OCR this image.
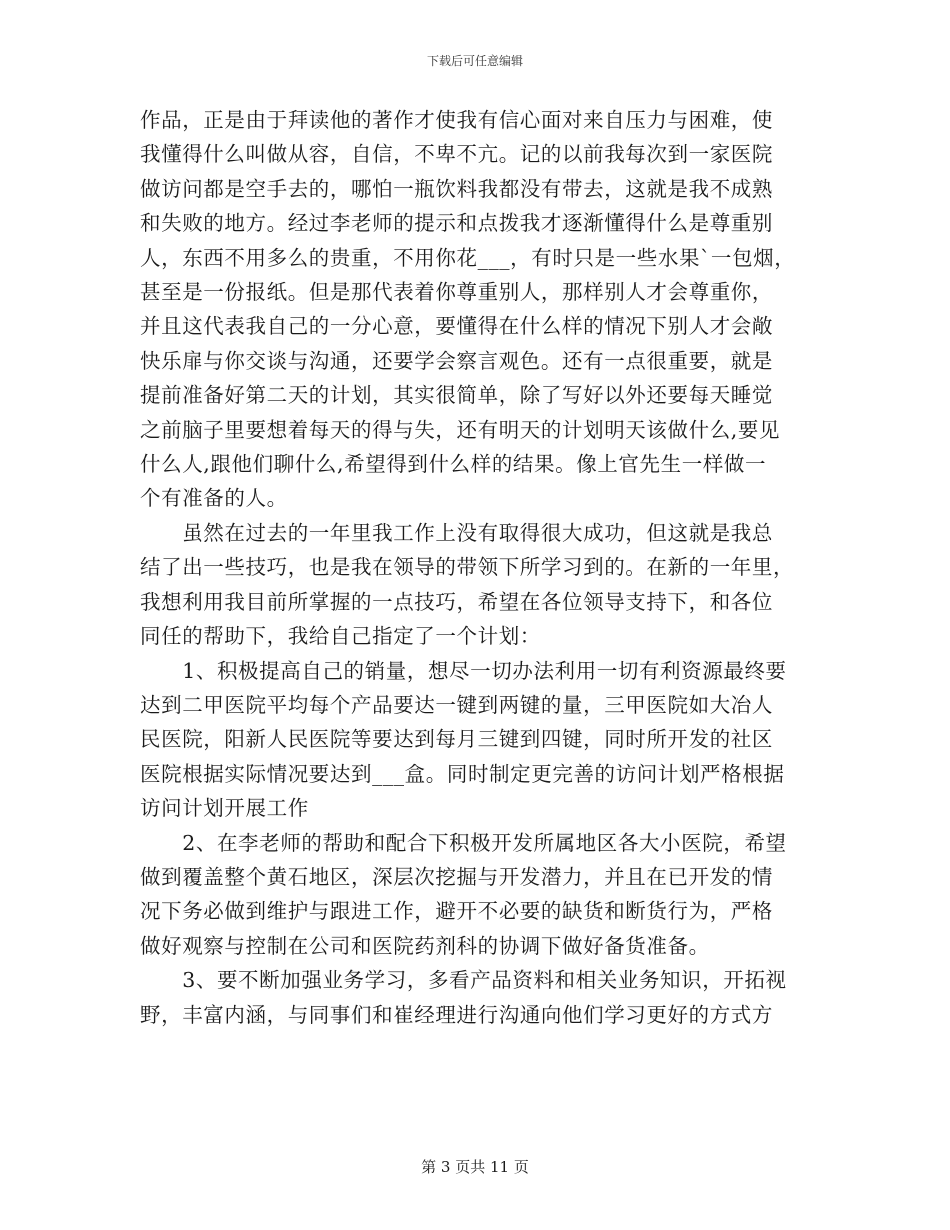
下载后可任意编辑

作品，正是由于拜读他的著作才使我有信心面对来自压力与困难，使
我懂得什么叫做从容，自信，不卑不亢。记的以前我每次到一家医院
做访问都是空手去的，哪怕一瓶饮料我都没有带去，这就是我不成熟
和失败的地方。经过李老师的提示和点拨我才逐渐懂得什么是尊重别
人，东西不用多么的贵重，不用你花___，有时只是一些水果`一包烟，
甚至是一份报纸。但是那代表着你尊重别人，那样别人才会尊重你，
并且这代表我自己的一分心意，要懂得在什么样的情况下别人才会敞
快乐扉与你交谈与沟通，还要学会察言观色。还有一点很重要，就是
提前准备好第二天的计划，其实很简单，除了写好以外还要每天睡觉
之前脑子里要想着每天的得与失，还有明天的计划明天该做什么,要见
什么人,跟他们聊什么,希望得到什么样的结果。像上官先生一样做一
个有准备的人。

　　虽然在过去的一年里我工作上没有取得很大成功，但这就是我总
结了出一些技巧，也是我在领导的带领下所学习到的。在新的一年里，
我想利用我目前所掌握的一点技巧，希望在各位领导支持下，和各位
同任的帮助下，我给自己指定了一个计划：

　　1、积极提高自己的销量，想尽一切办法利用一切有利资源最终要
达到二甲医院平均每个产品要达一键到两键的量，三甲医院如大冶人
民医院，阳新人民医院等要达到每月三键到四键，同时所开发的社区
医院根据实际情况要达到___盒。同时制定更完善的访问计划严格根据
访问计划开展工作

　　2、在李老师的帮助和配合下积极开发所属地区各大小医院，希望
做到覆盖整个黄石地区，深层次挖掘与开发潜力，并且在已开发的情
况下务必做到维护与跟进工作，避开不必要的缺货和断货行为，严格
做好观察与控制在公司和医院药剂科的协调下做好备货准备。

　　3、要不断加强业务学习，多看产品资料和相关业务知识，开拓视
野，丰富内涵，与同事们和崔经理进行沟通向他们学习更好的方式方

第 3 页共 11 页
